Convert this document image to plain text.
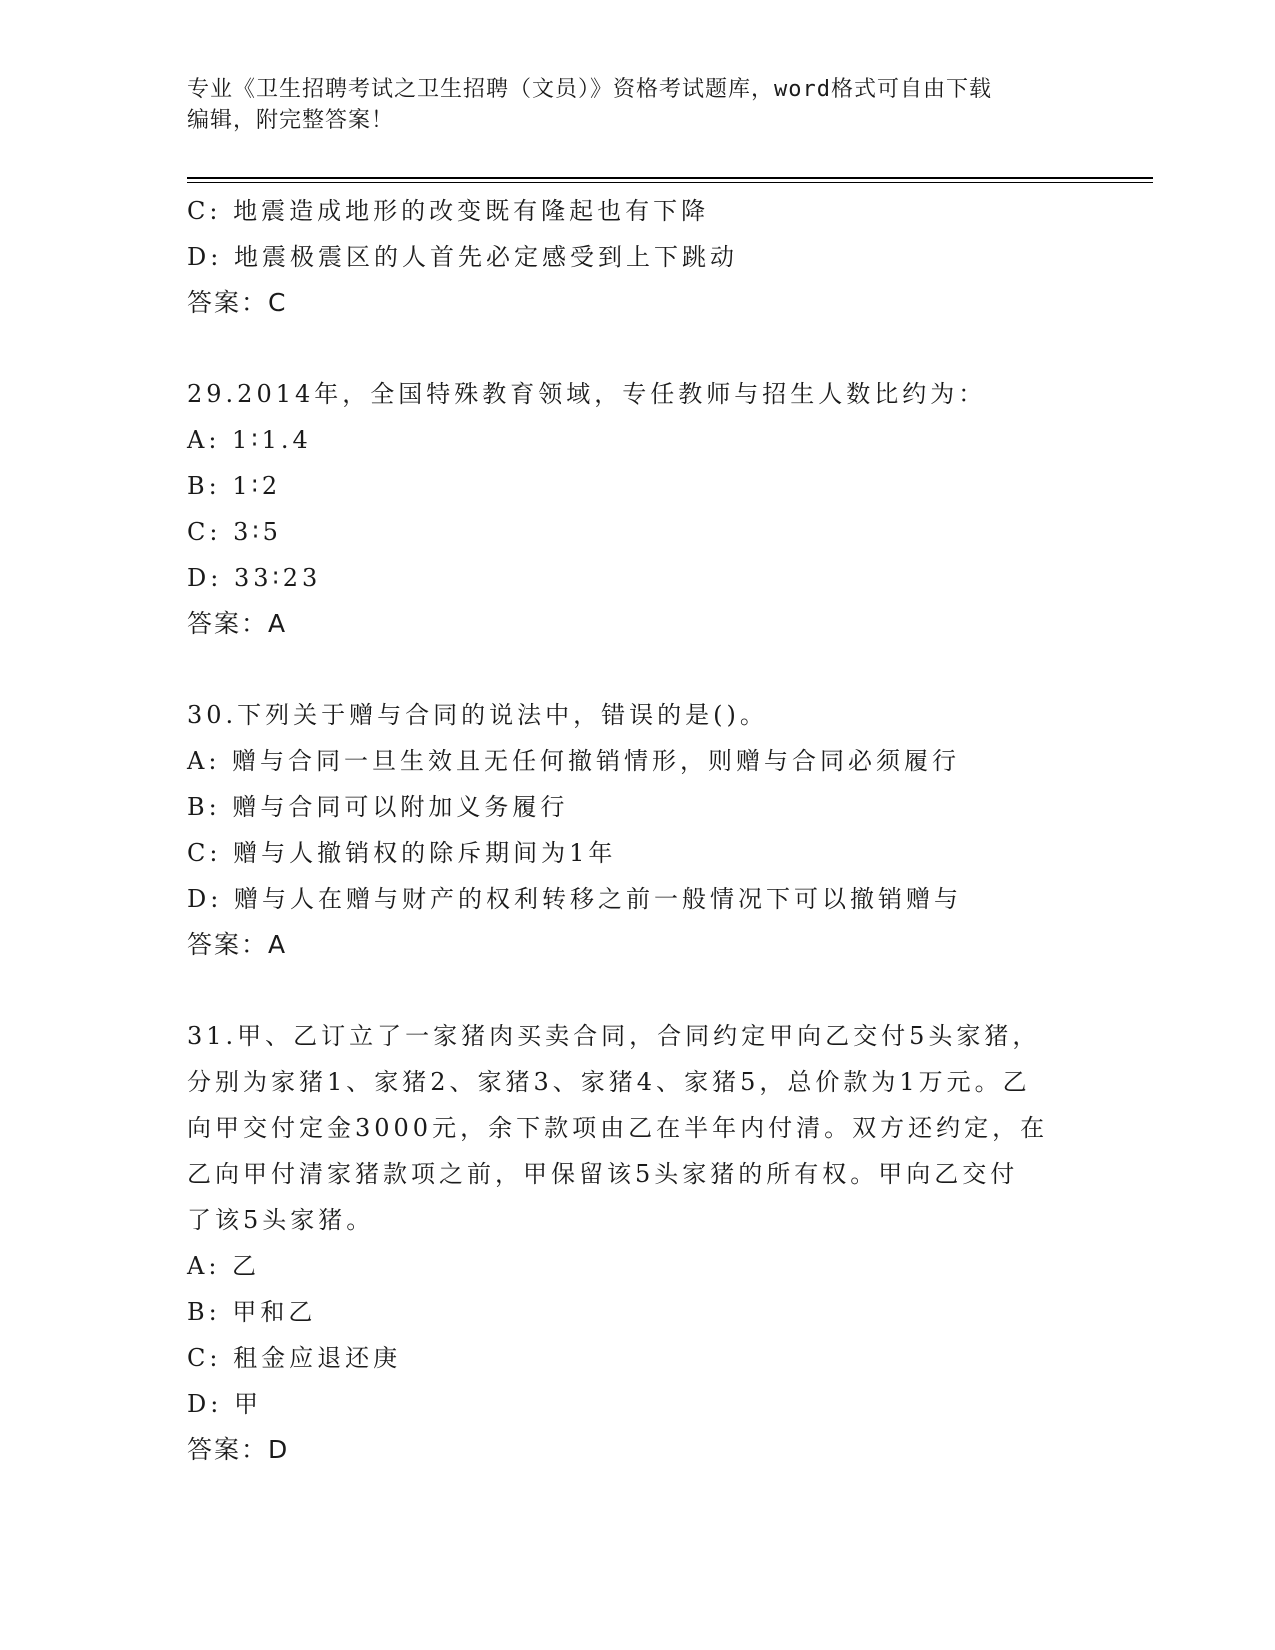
专业《卫生招聘考试之卫生招聘（文员）》资格考试题库，word格式可自由下载
编辑，附完整答案！
C: 地震造成地形的改变既有隆起也有下降
D: 地震极震区的人首先必定感受到上下跳动
答案：C
29.2014年，全国特殊教育领域，专任教师与招生人数比约为：
A: 1∶1.4
B: 1∶2
C: 3∶5
D: 33∶23
答案：A
30.下列关于赠与合同的说法中，错误的是()。
A: 赠与合同一旦生效且无任何撤销情形，则赠与合同必须履行
B: 赠与合同可以附加义务履行
C: 赠与人撤销权的除斥期间为1年
D: 赠与人在赠与财产的权利转移之前一般情况下可以撤销赠与
答案：A
31.甲、乙订立了一家猪肉买卖合同，合同约定甲向乙交付5头家猪，
分别为家猪1、家猪2、家猪3、家猪4、家猪5，总价款为1万元。乙
向甲交付定金3000元，余下款项由乙在半年内付清。双方还约定，在
乙向甲付清家猪款项之前，甲保留该5头家猪的所有权。甲向乙交付
了该5头家猪。
A: 乙
B: 甲和乙
C: 租金应退还庚
D: 甲
答案：D
